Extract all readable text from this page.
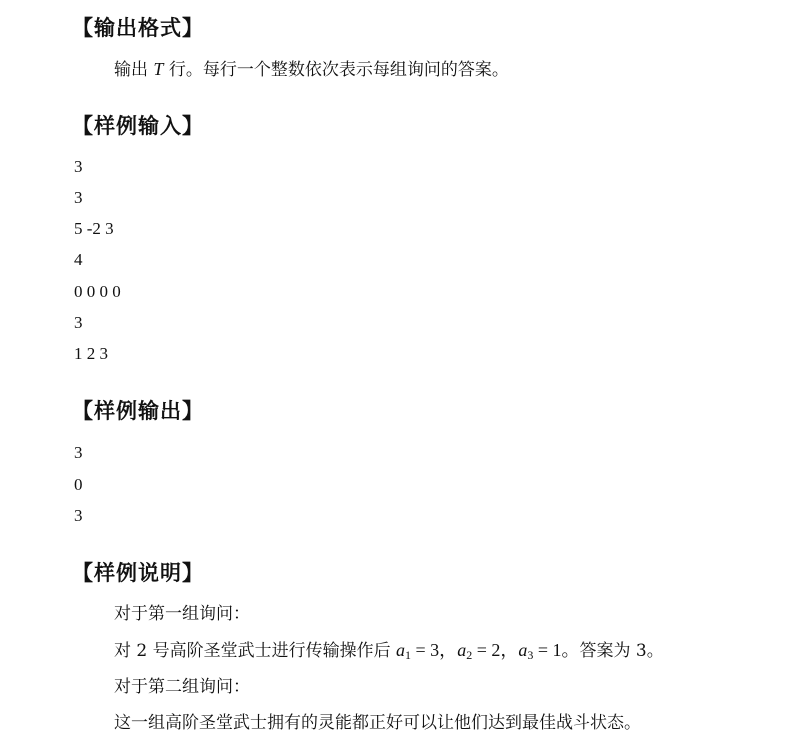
【输出格式】
输出 T 行。每行一个整数依次表示每组询问的答案。
【样例输入】
3
3
5 -2 3
4
0 0 0 0
3
1 2 3
【样例输出】
3
0
3
【样例说明】
对于第一组询问：
对 2 号高阶圣堂武士进行传输操作后 $a_1 = 3$，$a_2 = 2$，$a_3 = 1$。答案为 3。
对于第二组询问：
这一组高阶圣堂武士拥有的灵能都正好可以让他们达到最佳战斗状态。
